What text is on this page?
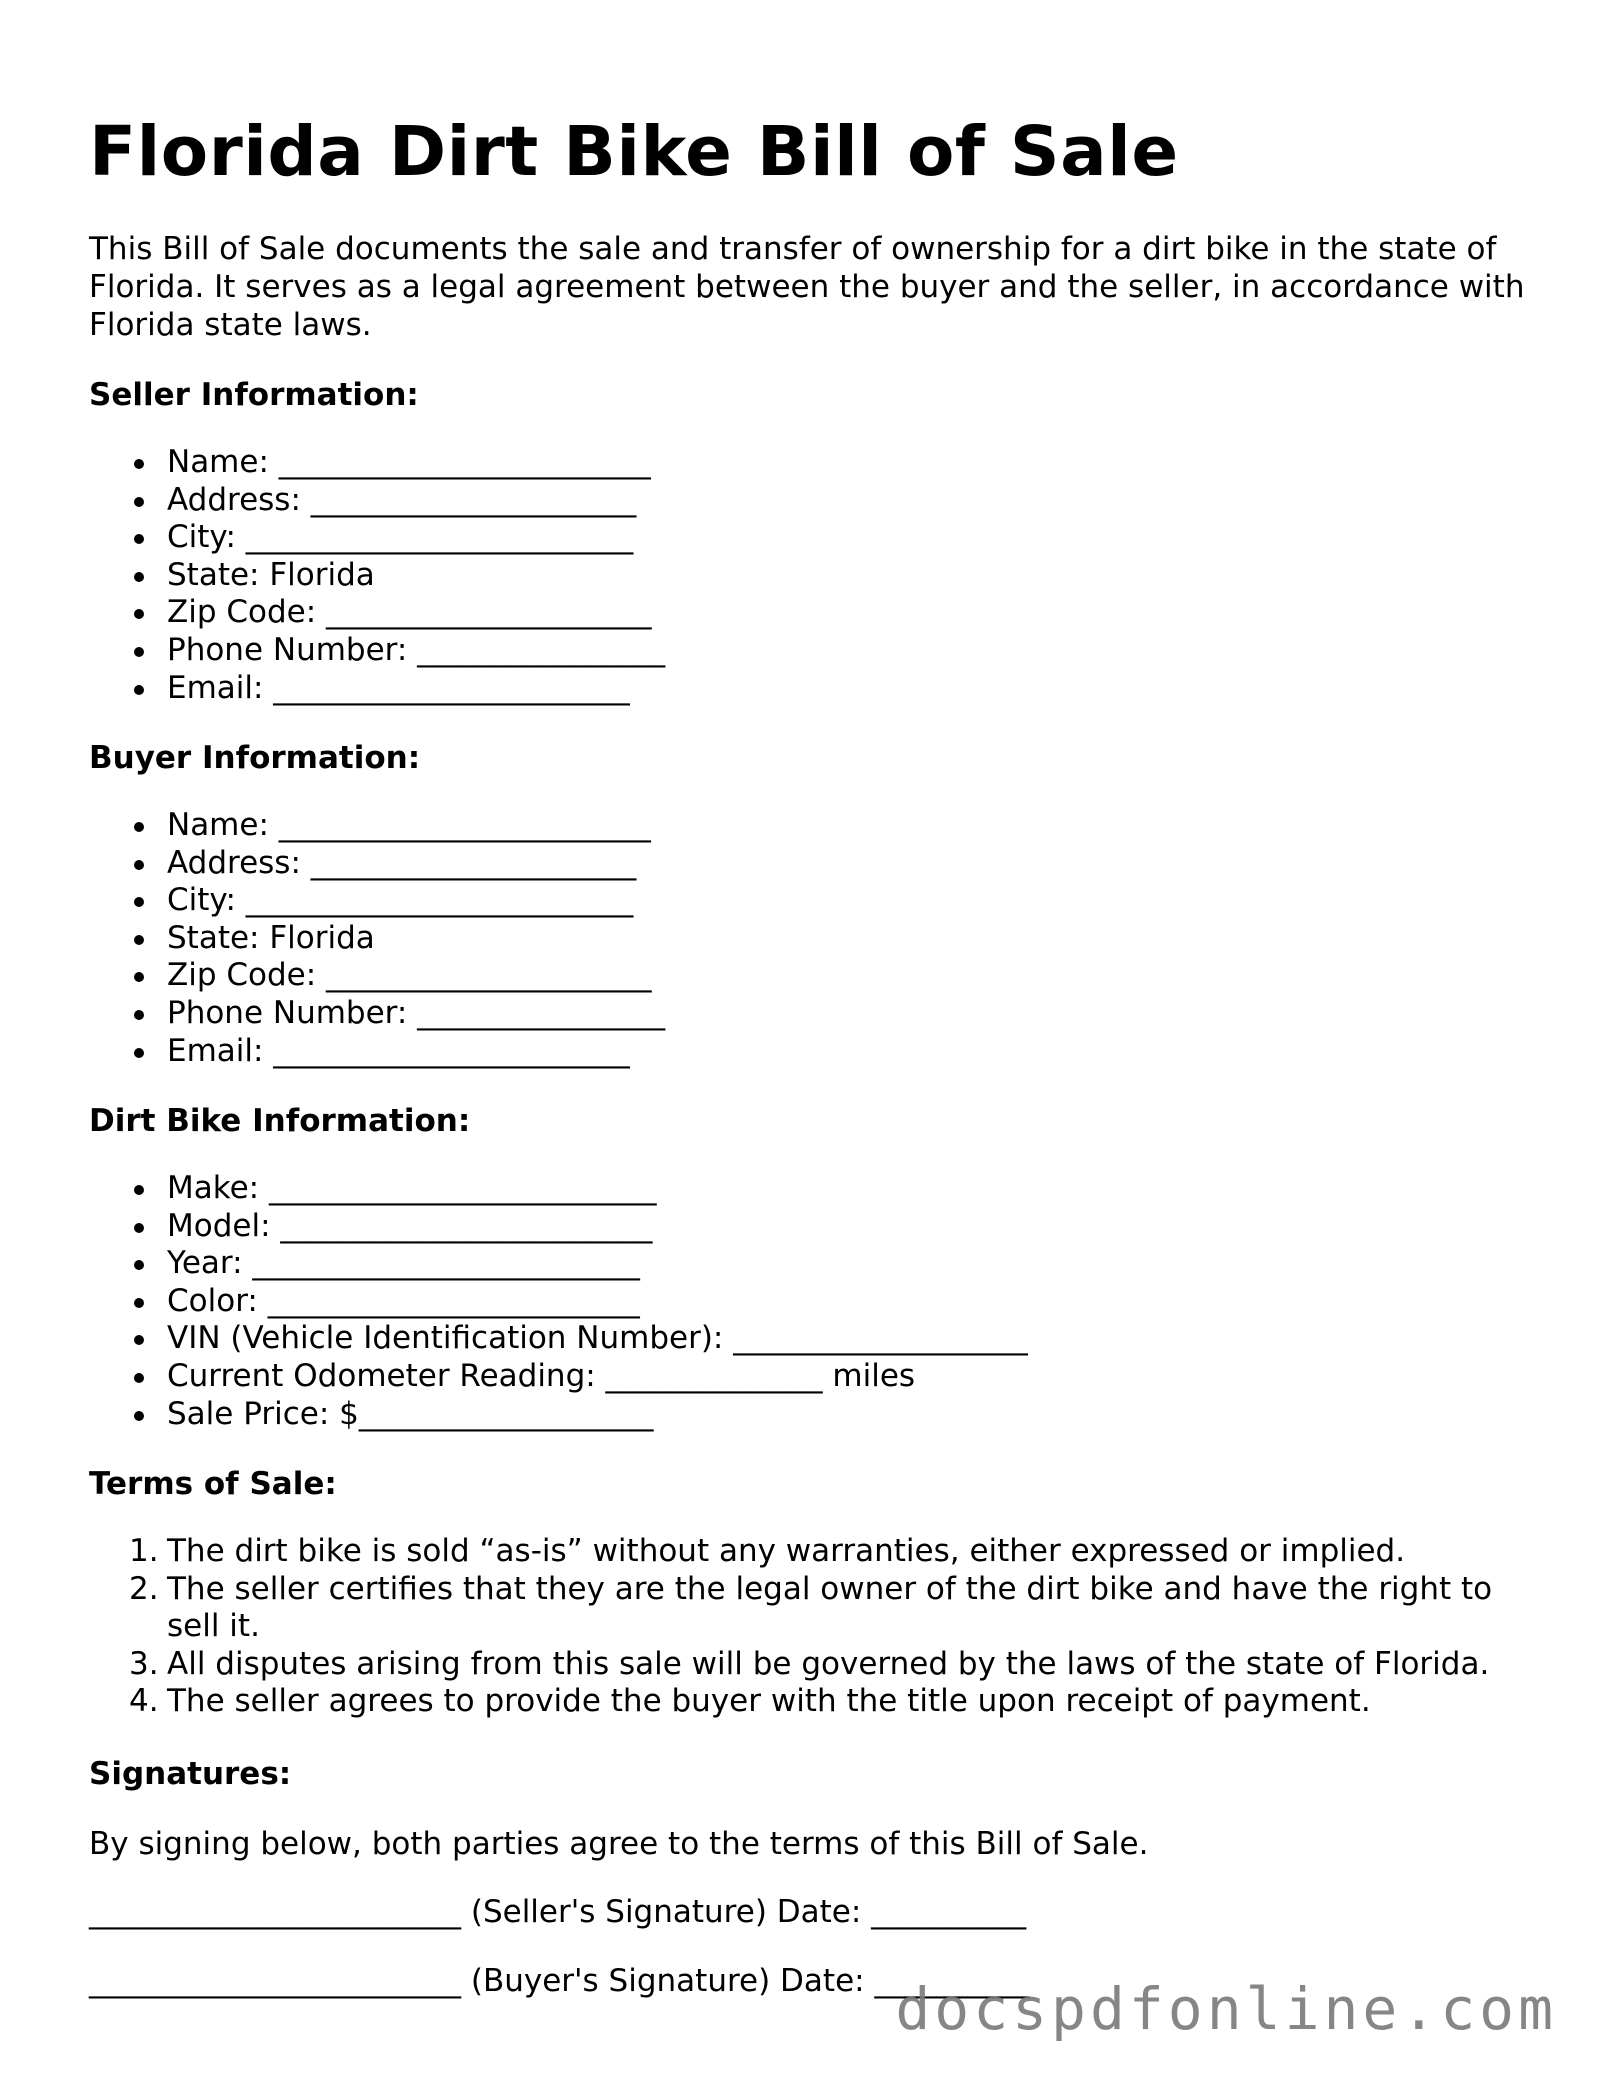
Florida Dirt Bike Bill of Sale

This Bill of Sale documents the sale and transfer of ownership for a dirt bike in the state of Florida. It serves as a legal agreement between the buyer and the seller, in accordance with Florida state laws.

Seller Information:
Name: ________________________
Address: _____________________
City: _________________________
State: Florida
Zip Code: _____________________
Phone Number: ________________
Email: _______________________
Buyer Information:
Name: ________________________
Address: _____________________
City: _________________________
State: Florida
Zip Code: _____________________
Phone Number: ________________
Email: _______________________
Dirt Bike Information:
Make: _________________________
Model: ________________________
Year: _________________________
Color: ________________________
VIN (Vehicle Identification Number): ___________________
Current Odometer Reading: ______________ miles
Sale Price: $___________________
Terms of Sale:
1. The dirt bike is sold “as-is” without any warranties, either expressed or implied.
2. The seller certifies that they are the legal owner of the dirt bike and have the right to sell it.
3. All disputes arising from this sale will be governed by the laws of the state of Florida.
4. The seller agrees to provide the buyer with the title upon receipt of payment.
Signatures:

By signing below, both parties agree to the terms of this Bill of Sale.

________________________ (Seller's Signature) Date: __________

________________________ (Buyer's Signature) Date: __________

docspdfonline.com
